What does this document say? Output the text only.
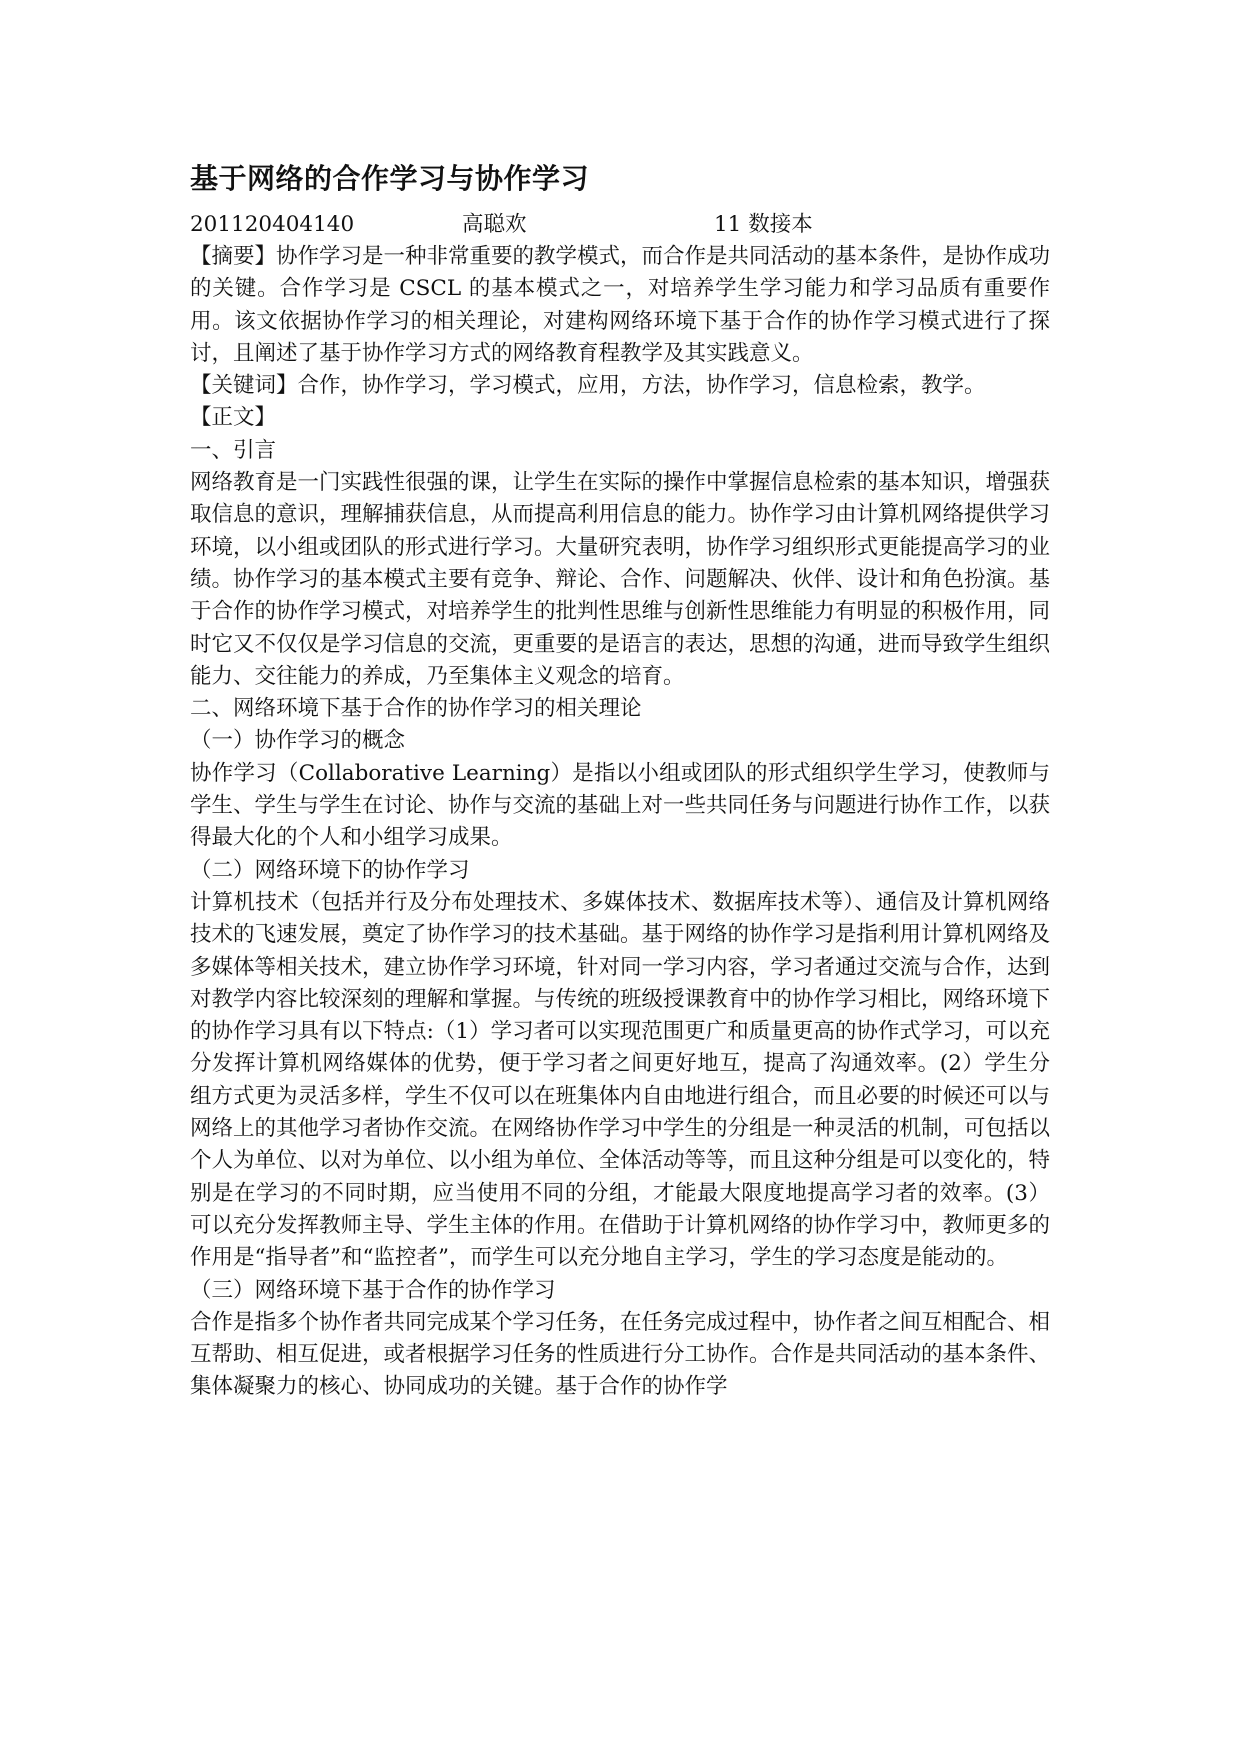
基于网络的合作学习与协作学习
201120404140	高聪欢	11 数接本

【摘要】协作学习是一种非常重要的教学模式，而合作是共同活动的基本条件，是协作成功的关键。合作学习是 CSCL 的基本模式之一，对培养学生学习能力和学习品质有重要作用。该文依据协作学习的相关理论，对建构网络环境下基于合作的协作学习模式进行了探讨，且阐述了基于协作学习方式的网络教育程教学及其实践意义。

【关键词】合作，协作学习，学习模式，应用，方法，协作学习，信息检索，教学。

【正文】
一、引言

网络教育是一门实践性很强的课，让学生在实际的操作中掌握信息检索的基本知识，增强获取信息的意识，理解捕获信息，从而提高利用信息的能力。协作学习由计算机网络提供学习环境，以小组或团队的形式进行学习。大量研究表明，协作学习组织形式更能提高学习的业绩。协作学习的基本模式主要有竞争、辩论、合作、问题解决、伙伴、设计和角色扮演。基于合作的协作学习模式，对培养学生的批判性思维与创新性思维能力有明显的积极作用，同时它又不仅仅是学习信息的交流，更重要的是语言的表达，思想的沟通，进而导致学生组织能力、交往能力的养成，乃至集体主义观念的培育。

二、网络环境下基于合作的协作学习的相关理论
（一）协作学习的概念

协作学习（Collaborative Learning）是指以小组或团队的形式组织学生学习，使教师与学生、学生与学生在讨论、协作与交流的基础上对一些共同任务与问题进行协作工作，以获得最大化的个人和小组学习成果。

（二）网络环境下的协作学习

计算机技术（包括并行及分布处理技术、多媒体技术、数据库技术等）、通信及计算机网络技术的飞速发展，奠定了协作学习的技术基础。基于网络的协作学习是指利用计算机网络及多媒体等相关技术，建立协作学习环境，针对同一学习内容，学习者通过交流与合作，达到对教学内容比较深刻的理解和掌握。与传统的班级授课教育中的协作学习相比，网络环境下的协作学习具有以下特点:（1）学习者可以实现范围更广和质量更高的协作式学习，可以充分发挥计算机网络媒体的优势，便于学习者之间更好地互，提高了沟通效率。(2）学生分组方式更为灵活多样，学生不仅可以在班集体内自由地进行组合，而且必要的时候还可以与网络上的其他学习者协作交流。在网络协作学习中学生的分组是一种灵活的机制，可包括以个人为单位、以对为单位、以小组为单位、全体活动等等，而且这种分组是可以变化的，特别是在学习的不同时期，应当使用不同的分组，才能最大限度地提高学习者的效率。(3）可以充分发挥教师主导、学生主体的作用。在借助于计算机网络的协作学习中，教师更多的作用是“指导者”和“监控者”，而学生可以充分地自主学习，学生的学习态度是能动的。

（三）网络环境下基于合作的协作学习

合作是指多个协作者共同完成某个学习任务，在任务完成过程中，协作者之间互相配合、相互帮助、相互促进，或者根据学习任务的性质进行分工协作。合作是共同活动的基本条件、集体凝聚力的核心、协同成功的关键。基于合作的协作学
